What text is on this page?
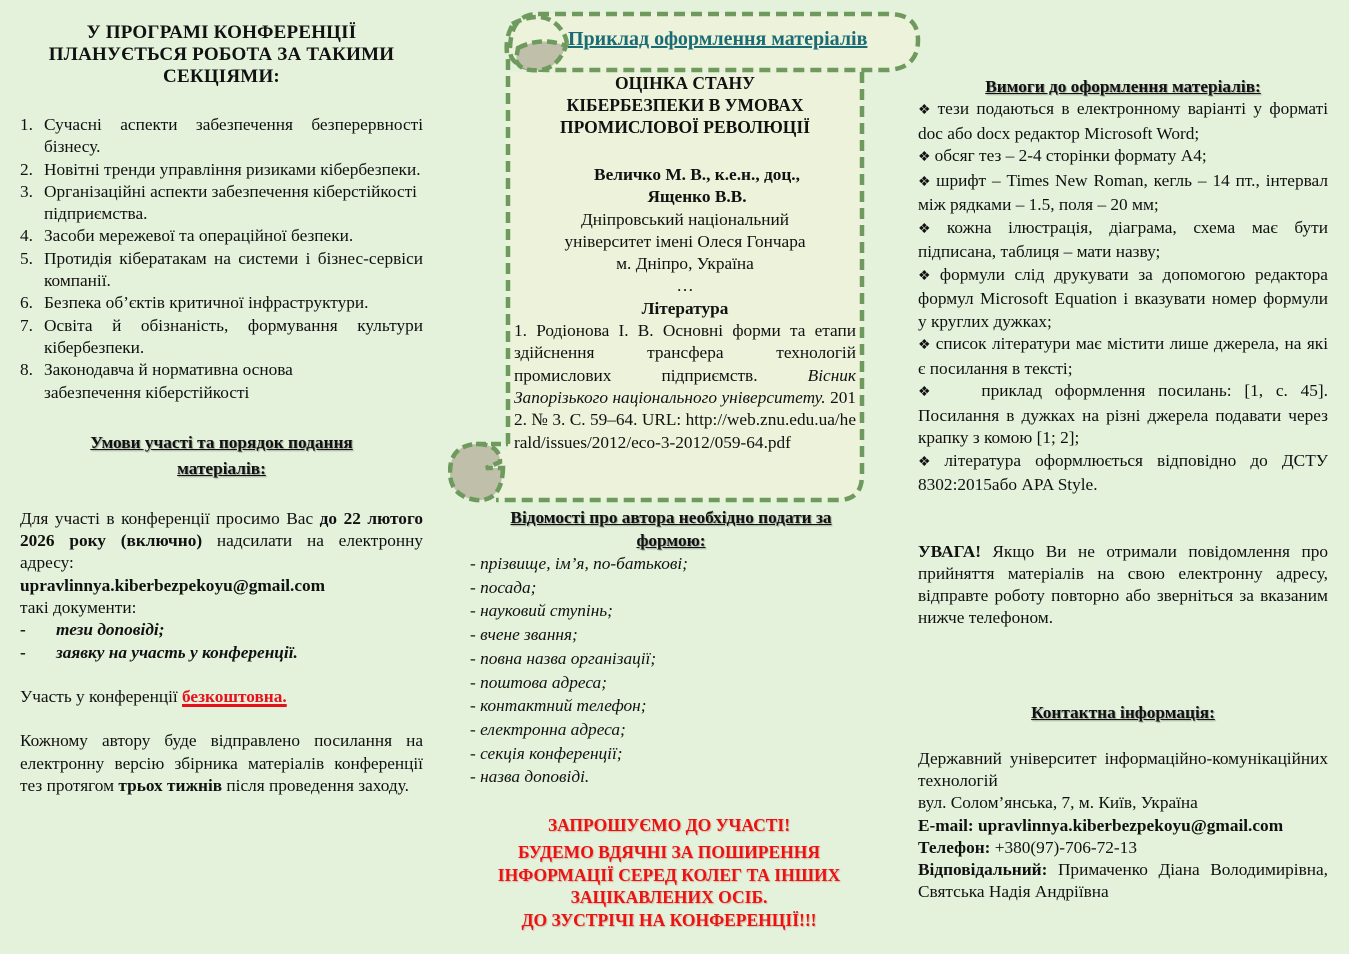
У ПРОГРАМІ КОНФЕРЕНЦІЇ
ПЛАНУЄТЬСЯ РОБОТА ЗА ТАКИМИ
СЕКЦІЯМИ:
1. Сучасні аспекти забезпечення безперервності бізнесу.
2. Новітні тренди управління ризиками кібербезпеки.
3. Організаційні аспекти забезпечення кіберстійкості підприємства.
4. Засоби мережевої та операційної безпеки.
5. Протидія кібератакам на системи і бізнес-сервіси компанії.
6. Безпека об’єктів критичної інфраструктури.
7. Освіта й обізнаність, формування культури кібербезпеки.
8. Законодавча й нормативна основа забезпечення кіберстійкості
Умови участі та порядок подання
матеріалів:

Для участі в конференції просимо Вас до 22 лютого 2026 року (включно) надсилати на електронну адресу:

upravlinnya.kiberbezpekoyu@gmail.com

такі документи:

-	тези доповіді;
-	заявку на участь у конференції.

Участь у конференції безкоштовна.

Кожному автору буде відправлено посилання на електронну версію збірника матеріалів конференції тез протягом трьох тижнів після проведення заходу.

Приклад оформлення матеріалів
ОЦІНКА СТАНУ
КІБЕРБЕЗПЕКИ В УМОВАХ
ПРОМИСЛОВОЇ РЕВОЛЮЦІЇ
Величко М. В., к.е.н., доц.,
Ященко В.В.
Дніпровський національний
університет імені Олеся Гончара
м. Дніпро, Україна
…
Література
1. Родіонова І. В. Основні форми та етапи здійснення трансфера технологій промислових підприємств. Вісник Запорізького національного університету. 2012. № 3. С. 59–64. URL: http://web.znu.edu.ua/herald/issues/2012/eco-3-2012/059-64.pdf
Відомості про автора необхідно подати за
формою:
- прізвище, ім’я, по-батькові;
- посада;
- науковий ступінь;
- вчене звання;
- повна назва організації;
- поштова адреса;
- контактний телефон;
- електронна адреса;
- секція конференції;
- назва доповіді.
ЗАПРОШУЄМО ДО УЧАСТІ!
БУДЕМО ВДЯЧНІ ЗА ПОШИРЕННЯ
ІНФОРМАЦІЇ СЕРЕД КОЛЕГ ТА ІНШИХ
ЗАЦІКАВЛЕНИХ ОСІБ.
ДО ЗУСТРІЧІ НА КОНФЕРЕНЦІЇ!!!
Вимоги до оформлення матеріалів:
❖ тези подаються в електронному варіанті у форматі doc або docx редактор Microsoft Word;
❖ обсяг тез – 2-4 сторінки формату А4;
❖ шрифт – Times New Roman, кегль – 14 пт., інтервал між рядками – 1.5, поля – 20 мм;
❖ кожна ілюстрація, діаграма, схема має бути підписана, таблиця – мати назву;
❖ формули слід друкувати за допомогою редактора формул Microsoft Equation і вказувати номер формули у круглих дужках;
❖ список літератури має містити лише джерела, на які є посилання в тексті;
❖   приклад оформлення посилань: [1, с. 45]. Посилання в дужках на різні джерела подавати через крапку з комою [1; 2];
❖ література оформлюється відповідно до ДСТУ 8302:2015або APA Style.

УВАГА! Якщо Ви не отримали повідомлення про прийняття матеріалів на свою електронну адресу, відправте роботу повторно або зверніться за вказаним нижче телефоном.

Контактна інформація:

Державний університет інформаційно-комунікаційних технологій

вул. Солом’янська, 7, м. Київ, Україна

E-mail: upravlinnya.kiberbezpekoyu@gmail.com

Телефон: +380(97)-706-72-13

Відповідальний: Примаченко Діана Володимирівна, Святська Надія Андріївна
